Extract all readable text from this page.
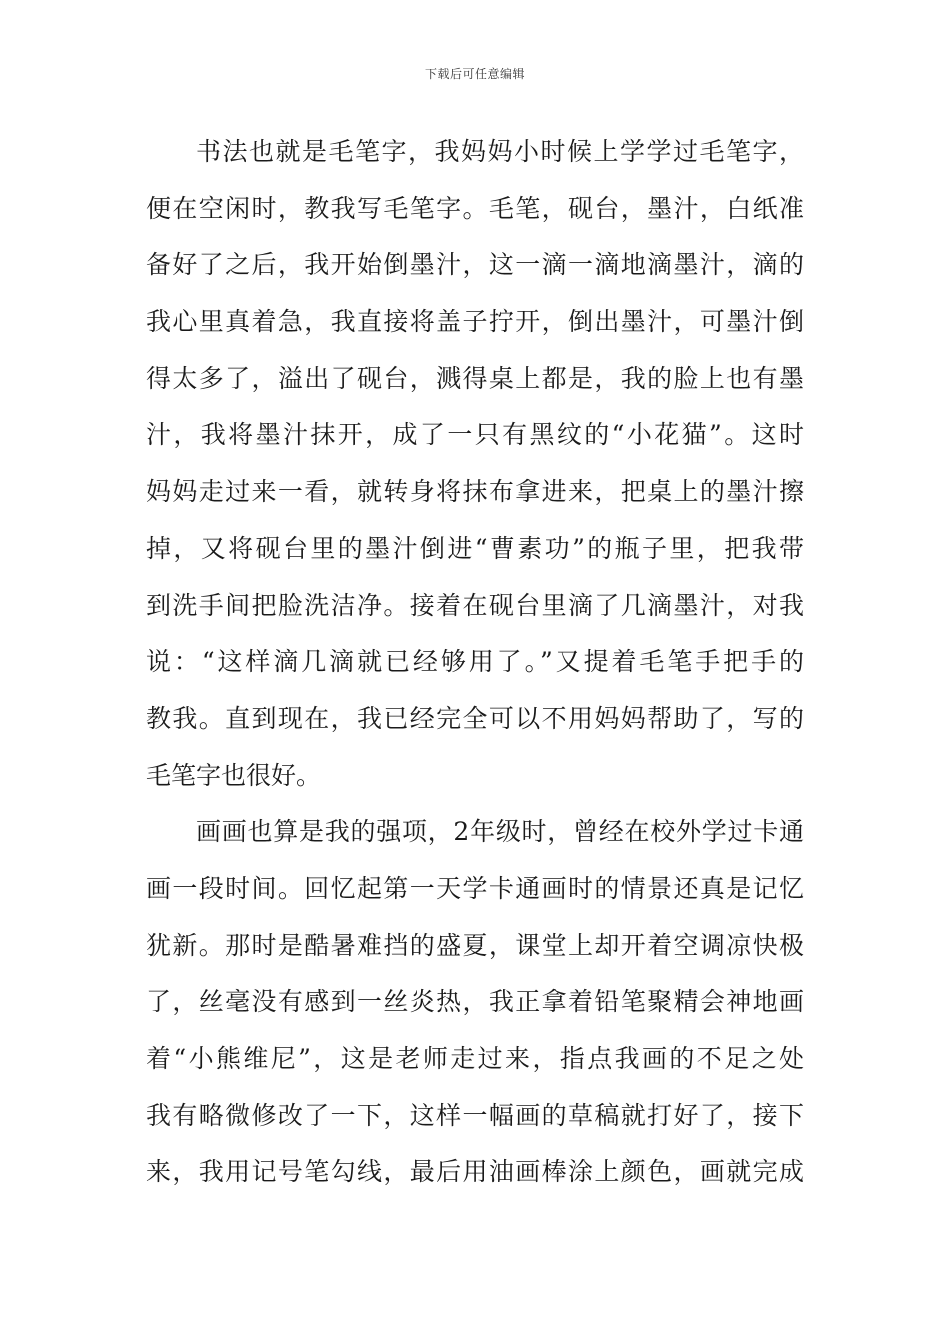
下载后可任意编辑
书法也就是毛笔字，我妈妈小时候上学学过毛笔字，
便在空闲时，教我写毛笔字。毛笔，砚台，墨汁，白纸准
备好了之后，我开始倒墨汁，这一滴一滴地滴墨汁，滴的
我心里真着急，我直接将盖子拧开，倒出墨汁，可墨汁倒
得太多了，溢出了砚台，溅得桌上都是，我的脸上也有墨
汁，我将墨汁抹开，成了一只有黑纹的“小花猫”。这时
妈妈走过来一看，就转身将抹布拿进来，把桌上的墨汁擦
掉，又将砚台里的墨汁倒进“曹素功”的瓶子里，把我带
到洗手间把脸洗洁净。接着在砚台里滴了几滴墨汁，对我
说：“这样滴几滴就已经够用了。”又提着毛笔手把手的
教我。直到现在，我已经完全可以不用妈妈帮助了，写的
毛笔字也很好。
画画也算是我的强项，2年级时，曾经在校外学过卡通
画一段时间。回忆起第一天学卡通画时的情景还真是记忆
犹新。那时是酷暑难挡的盛夏，课堂上却开着空调凉快极
了，丝毫没有感到一丝炎热，我正拿着铅笔聚精会神地画
着“小熊维尼”，这是老师走过来，指点我画的不足之处
我有略微修改了一下，这样一幅画的草稿就打好了，接下
来，我用记号笔勾线，最后用油画棒涂上颜色，画就完成
